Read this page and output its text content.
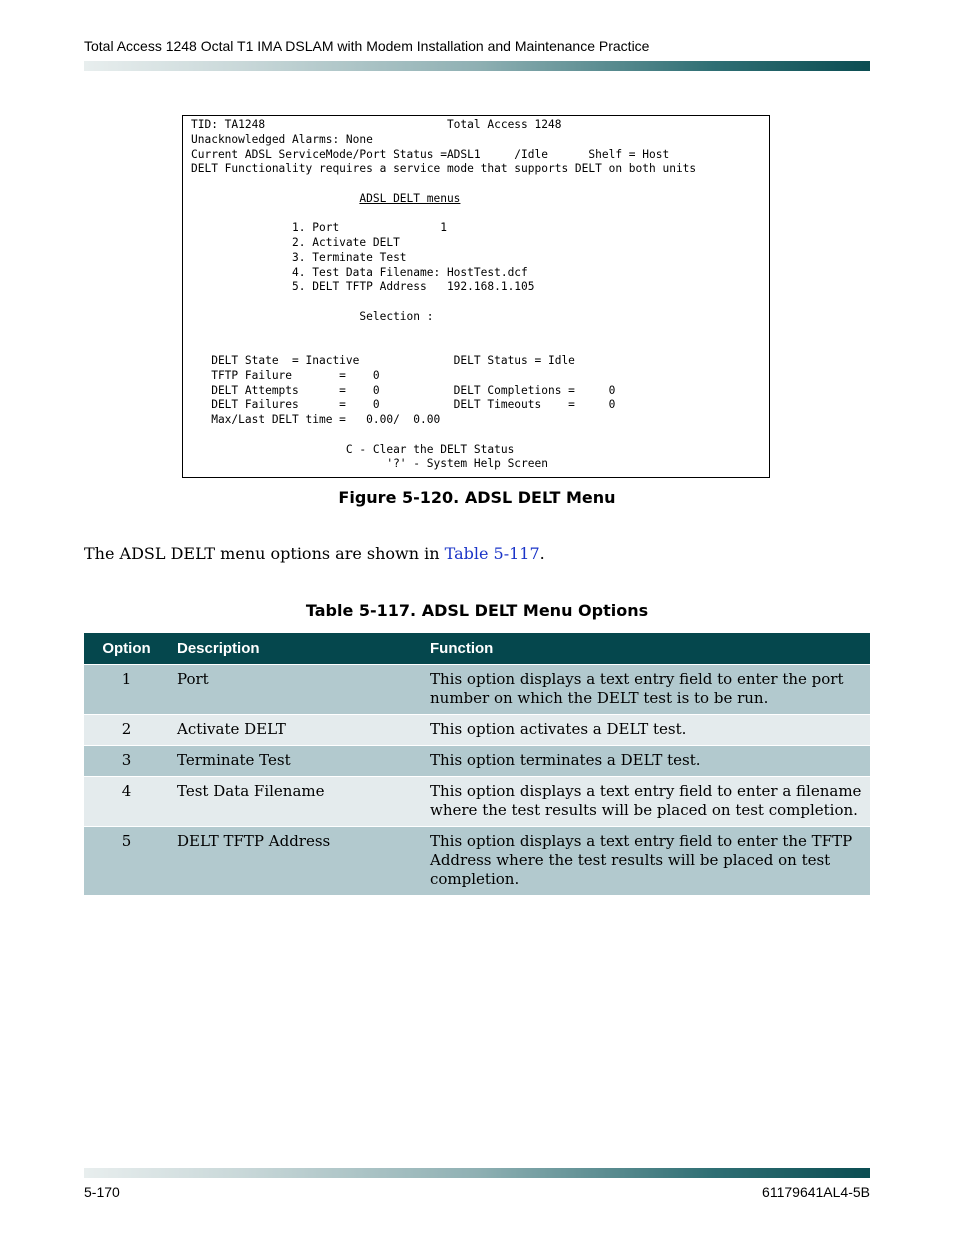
Total Access 1248 Octal T1 IMA DSLAM with Modem Installation and Maintenance Practice
TID: TA1248                           Total Access 1248
Unacknowledged Alarms: None
Current ADSL ServiceMode/Port Status =ADSL1     /Idle      Shelf = Host
DELT Functionality requires a service mode that supports DELT on both units
ADSL DELT menus
1. Port               1
2. Activate DELT
3. Terminate Test
4. Test Data Filename: HostTest.dcf
5. DELT TFTP Address   192.168.1.105
Selection :
DELT State  = Inactive              DELT Status = Idle
TFTP Failure       =    0
DELT Attempts      =    0           DELT Completions =     0
DELT Failures      =    0           DELT Timeouts    =     0
Max/Last DELT time =   0.00/  0.00
C - Clear the DELT Status
'?' - System Help Screen
Figure 5-120. ADSL DELT Menu
The ADSL DELT menu options are shown in Table 5-117.
Table 5-117. ADSL DELT Menu Options
Option	Description	Function
1	Port	This option displays a text entry field to enter the port number on which the DELT test is to be run.
2	Activate DELT	This option activates a DELT test.
3	Terminate Test	This option terminates a DELT test.
4	Test Data Filename	This option displays a text entry field to enter a filename where the test results will be placed on test completion.
5	DELT TFTP Address	This option displays a text entry field to enter the TFTP Address where the test results will be placed on test completion.
5-170	61179641AL4-5B
